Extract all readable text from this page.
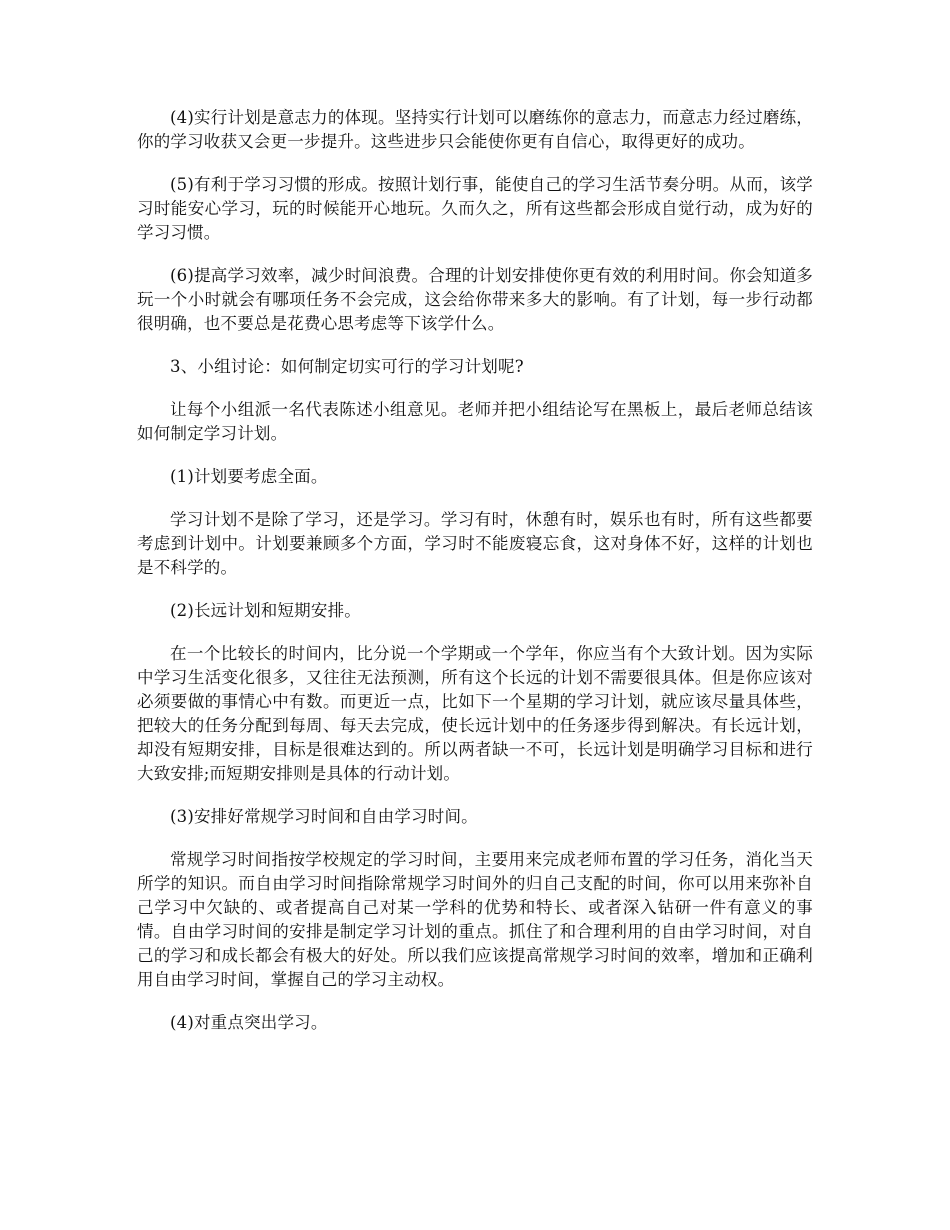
(4)实行计划是意志力的体现。坚持实行计划可以磨练你的意志力，而意志力经过磨练，你的学习收获又会更一步提升。这些进步只会能使你更有自信心，取得更好的成功。

(5)有利于学习习惯的形成。按照计划行事，能使自己的学习生活节奏分明。从而，该学习时能安心学习，玩的时候能开心地玩。久而久之，所有这些都会形成自觉行动，成为好的学习习惯。

(6)提高学习效率，减少时间浪费。合理的计划安排使你更有效的利用时间。你会知道多玩一个小时就会有哪项任务不会完成，这会给你带来多大的影响。有了计划，每一步行动都很明确，也不要总是花费心思考虑等下该学什么。

3、小组讨论：如何制定切实可行的学习计划呢?

让每个小组派一名代表陈述小组意见。老师并把小组结论写在黑板上，最后老师总结该如何制定学习计划。

(1)计划要考虑全面。

学习计划不是除了学习，还是学习。学习有时，休憩有时，娱乐也有时，所有这些都要考虑到计划中。计划要兼顾多个方面，学习时不能废寝忘食，这对身体不好，这样的计划也是不科学的。

(2)长远计划和短期安排。

在一个比较长的时间内，比分说一个学期或一个学年，你应当有个大致计划。因为实际中学习生活变化很多，又往往无法预测，所有这个长远的计划不需要很具体。但是你应该对必须要做的事情心中有数。而更近一点，比如下一个星期的学习计划，就应该尽量具体些，把较大的任务分配到每周、每天去完成，使长远计划中的任务逐步得到解决。有长远计划，却没有短期安排，目标是很难达到的。所以两者缺一不可，长远计划是明确学习目标和进行大致安排;而短期安排则是具体的行动计划。

(3)安排好常规学习时间和自由学习时间。

常规学习时间指按学校规定的学习时间，主要用来完成老师布置的学习任务，消化当天所学的知识。而自由学习时间指除常规学习时间外的归自己支配的时间，你可以用来弥补自己学习中欠缺的、或者提高自己对某一学科的优势和特长、或者深入钻研一件有意义的事情。自由学习时间的安排是制定学习计划的重点。抓住了和合理利用的自由学习时间，对自己的学习和成长都会有极大的好处。所以我们应该提高常规学习时间的效率，增加和正确利用自由学习时间，掌握自己的学习主动权。

(4)对重点突出学习。
